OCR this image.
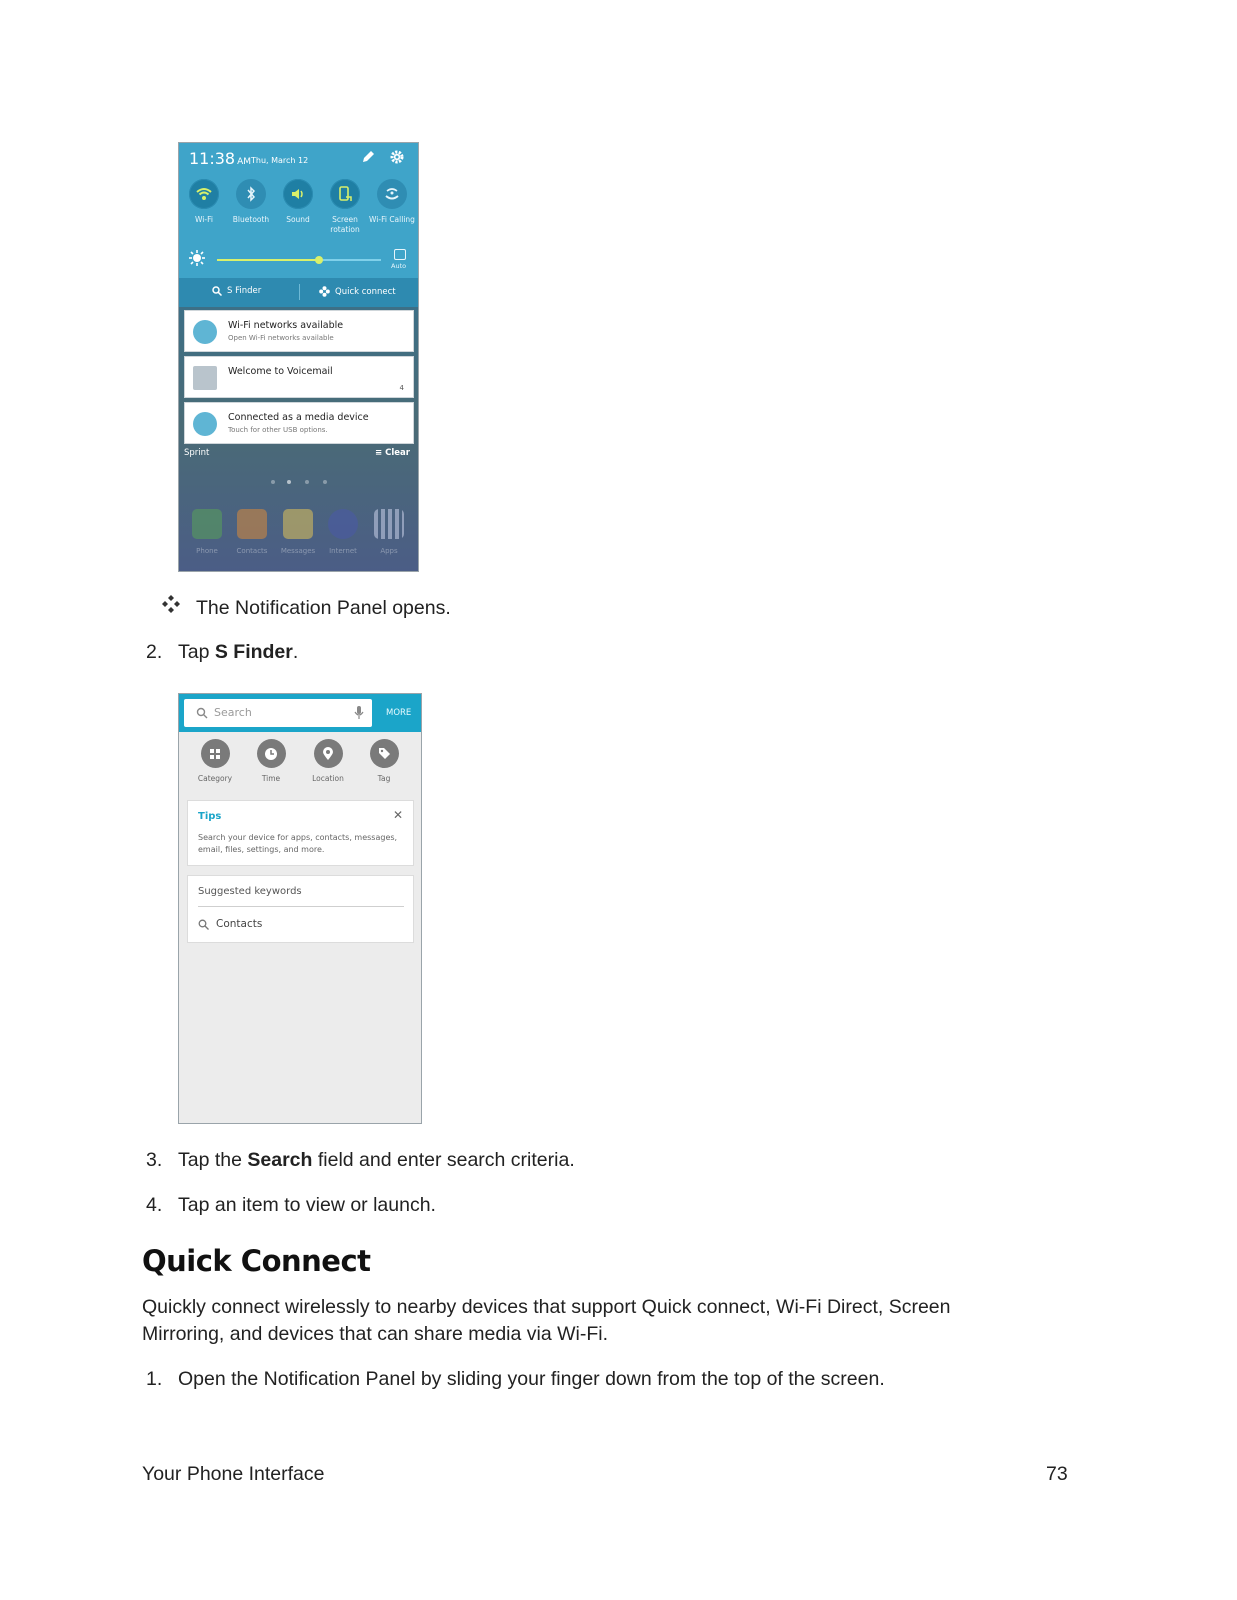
11:38 AM Thu, March 12
Wi-Fi	Bluetooth	Sound	Screen rotation
Wi-Fi Calling
Auto
S Finder	Quick connect
Wi-Fi networks available
Open Wi-Fi networks available
Welcome to Voicemail
4
Connected as a media device
Touch for other USB options.
Sprint	≡ Clear
Phone	Contacts	Messages	Internet	Apps
The Notification Panel opens.
2. Tap S Finder.
Search	MORE
Category	Time	Location	Tag
Tips	✕
Search your device for apps, contacts, messages, email, files, settings, and more.
Suggested keywords
Contacts
3. Tap the Search field and enter search criteria.
4. Tap an item to view or launch.
Quick Connect
Quickly connect wirelessly to nearby devices that support Quick connect, Wi-Fi Direct, Screen
Mirroring, and devices that can share media via Wi-Fi.
1. Open the Notification Panel by sliding your finger down from the top of the screen.
Your Phone Interface	73
